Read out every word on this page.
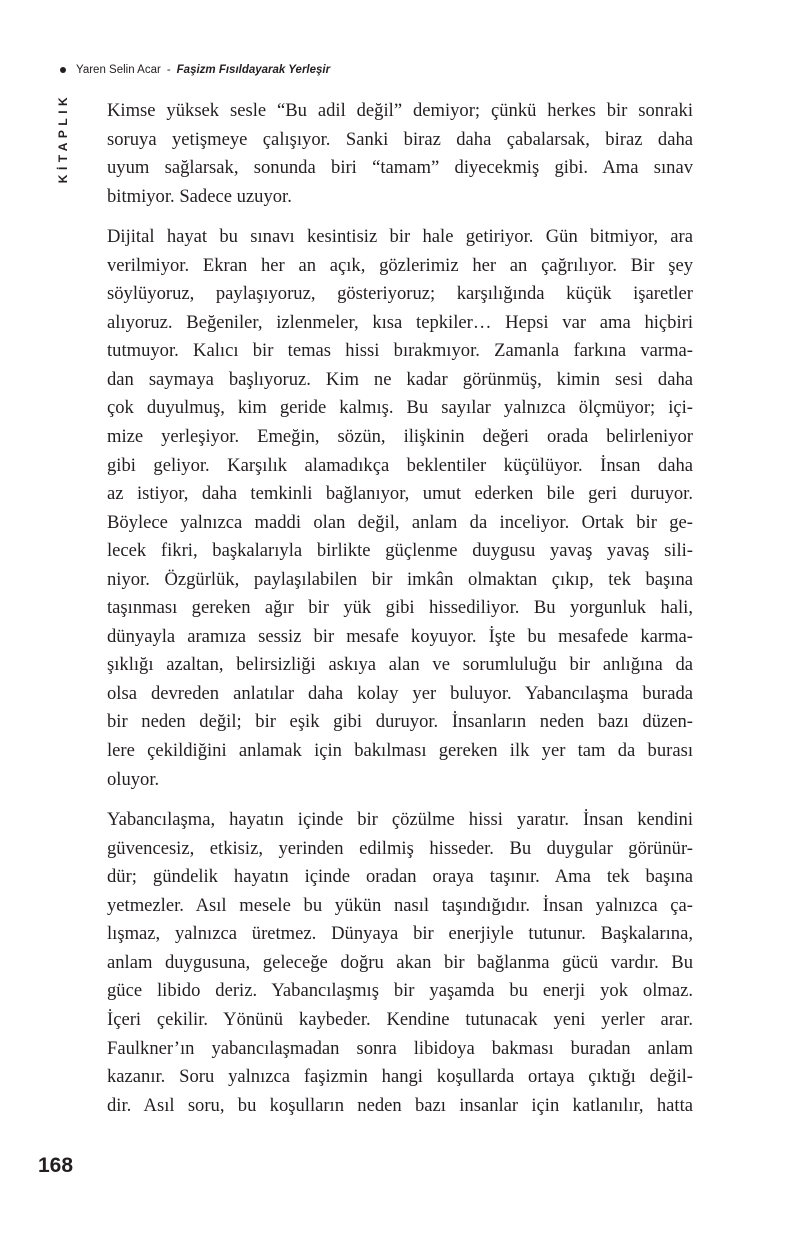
Yaren Selin Acar - Faşizm Fısıldayarak Yerleşir
KİTAPLIK Kimse yüksek sesle “Bu adil değil” demiyor; çünkü herkes bir sonraki
soruya yetişmeye çalışıyor. Sanki biraz daha çabalarsak, biraz daha
uyum sağlarsak, sonunda biri “tamam” diyecekmiş gibi. Ama sınav
bitmiyor. Sadece uzuyor.
Dijital hayat bu sınavı kesintisiz bir hale getiriyor. Gün bitmiyor, ara
verilmiyor. Ekran her an açık, gözlerimiz her an çağrılıyor. Bir şey
söylüyoruz, paylaşıyoruz, gösteriyoruz; karşılığında küçük işaretler
alıyoruz. Beğeniler, izlenmeler, kısa tepkiler… Hepsi var ama hiçbiri
tutmuyor. Kalıcı bir temas hissi bırakmıyor. Zamanla farkına varma-
dan saymaya başlıyoruz. Kim ne kadar görünmüş, kimin sesi daha
çok duyulmuş, kim geride kalmış. Bu sayılar yalnızca ölçmüyor; içi-
mize yerleşiyor. Emeğin, sözün, ilişkinin değeri orada belirleniyor
gibi geliyor. Karşılık alamadıkça beklentiler küçülüyor. İnsan daha
az istiyor, daha temkinli bağlanıyor, umut ederken bile geri duruyor.
Böylece yalnızca maddi olan değil, anlam da inceliyor. Ortak bir ge-
lecek fikri, başkalarıyla birlikte güçlenme duygusu yavaş yavaş sili-
niyor. Özgürlük, paylaşılabilen bir imkân olmaktan çıkıp, tek başına
taşınması gereken ağır bir yük gibi hissediliyor. Bu yorgunluk hali,
dünyayla aramıza sessiz bir mesafe koyuyor. İşte bu mesafede karma-
şıklığı azaltan, belirsizliği askıya alan ve sorumluluğu bir anlığına da
olsa devreden anlatılar daha kolay yer buluyor. Yabancılaşma burada
bir neden değil; bir eşik gibi duruyor. İnsanların neden bazı düzen-
lere çekildiğini anlamak için bakılması gereken ilk yer tam da burası
oluyor.
Yabancılaşma, hayatın içinde bir çözülme hissi yaratır. İnsan kendini
güvencesiz, etkisiz, yerinden edilmiş hisseder. Bu duygular görünür-
dür; gündelik hayatın içinde oradan oraya taşınır. Ama tek başına
yetmezler. Asıl mesele bu yükün nasıl taşındığıdır. İnsan yalnızca ça-
lışmaz, yalnızca üretmez. Dünyaya bir enerjiyle tutunur. Başkalarına,
anlam duygusuna, geleceğe doğru akan bir bağlanma gücü vardır. Bu
güce libido deriz. Yabancılaşmış bir yaşamda bu enerji yok olmaz.
İçeri çekilir. Yönünü kaybeder. Kendine tutunacak yeni yerler arar.
Faulkner’ın yabancılaşmadan sonra libidoya bakması buradan anlam
kazanır. Soru yalnızca faşizmin hangi koşullarda ortaya çıktığı değil-
dir. Asıl soru, bu koşulların neden bazı insanlar için katlanılır, hatta
168
